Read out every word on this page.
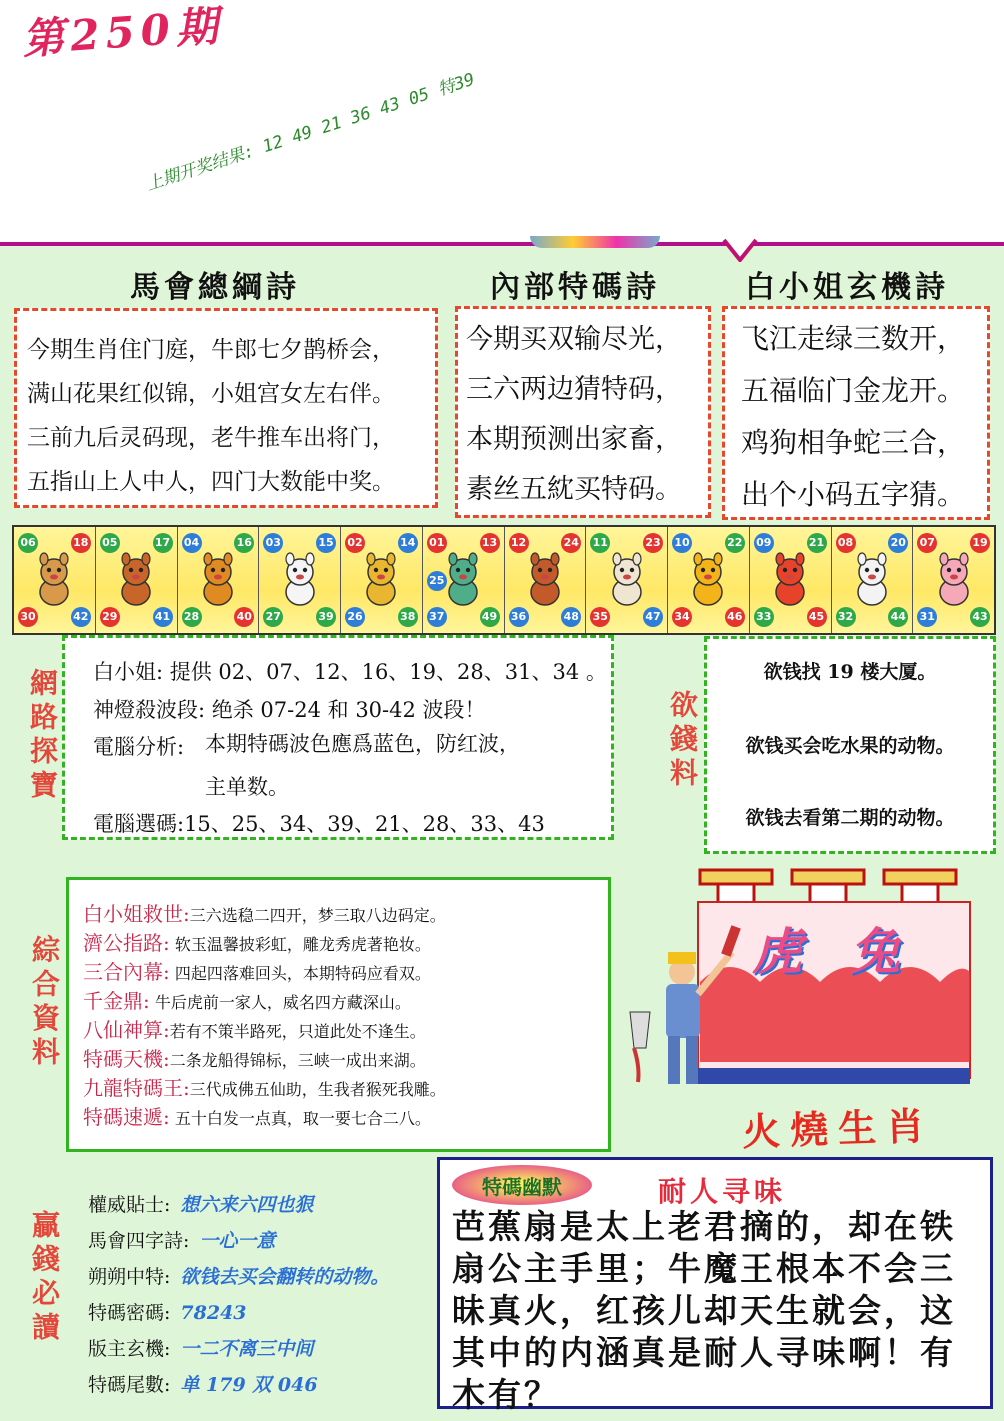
第250期
上期开奖结果: 12 49 21 36 43 05 特39
馬會總綱詩	內部特碼詩	白小姐玄機詩
今期生肖住门庭，牛郎七夕鹊桥会，
满山花果红似锦，小姐宫女左右伴。
三前九后灵码现，老牛推车出将门，
五指山上人中人，四门大数能中奖。
今期买双输尽光，
三六两边猜特码，
本期预测出家畜，
素丝五紞买特码。
飞江走绿三数开，
五福临门金龙开。
鸡狗相争蛇三合，
出个小码五字猜。
06	18
30	42
05	17
29	41
04	16
28	40
03	15
27	39
02	14
26	38
01	13
25
37	49
12	24
36	48
11	23
35	47
10	22
34	46
09	21
33	45
08	20
32	44
07	19
31	43
網路探寶 白小姐: 提供 02、07、12、16、19、28、31、34 。
神燈殺波段: 绝杀 07-24 和 30-42 波段！
電腦分析: 本期特碼波色應爲蓝色，防红波，
主单数。
電腦選碼:15、25、34、39、21、28、33、43
欲錢料
欲钱找 19 楼大厦。
欲钱买会吃水果的动物。
欲钱去看第二期的动物。
綜合資料
白小姐救世:三六选稳二四开，梦三取八边码定。
濟公指路: 软玉温馨披彩虹，雕龙秀虎著艳妆。
三合內幕: 四起四落难回头，本期特码应看双。
千金鼎: 牛后虎前一家人，威名四方藏深山。
八仙神算:若有不策半路死，只道此处不逢生。
特碼天機:二条龙船得锦标，三峡一成出来湖。
九龍特碼王:三代成佛五仙助，生我者猴死我雕。
特碼速遞: 五十白发一点真，取一要七合二八。
虎 兔
火燒生肖
贏錢必讀
權威貼士: 想六来六四也狠
馬會四字詩: 一心一意
朔朔中特: 欲钱去买会翻转的动物。
特碼密碼: 78243
版主玄機: 一二不离三中间
特碼尾數: 单 179 双 046
耐人寻味
芭蕉扇是太上老君摘的，却在铁扇公主手里；牛魔王根本不会三昧真火，红孩儿却天生就会，这其中的内涵真是耐人寻味啊！有木有？
特碼幽默
